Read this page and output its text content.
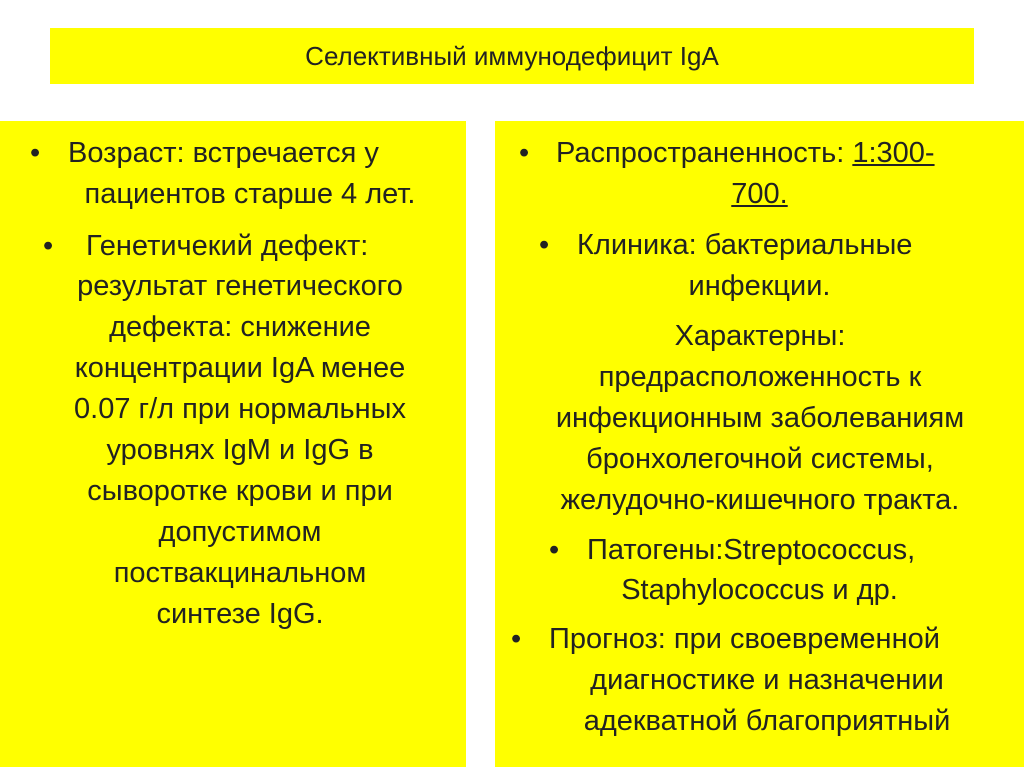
Селективный иммунодефицит IgA
• Возраст: встречается у
пациентов старше 4 лет.
• Генетичекий дефект:
результат генетического
дефекта: снижение
концентрации IgA менее
0.07 г/л при нормальных
уровнях IgM и IgG в
сыворотке крови и при
допустимом
поствакцинальном
синтезе IgG.
• Распространенность: 1:300-
700.
• Клиника: бактериальные
инфекции.
Характерны:
предрасположенность к
инфекционным заболеваниям
бронхолегочной системы,
желудочно-кишечного тракта.
• Патогены:Streptococcus,
Staphylococcus и др.
• Прогноз: при своевременной
диагностике и назначении
адекватной благоприятный
